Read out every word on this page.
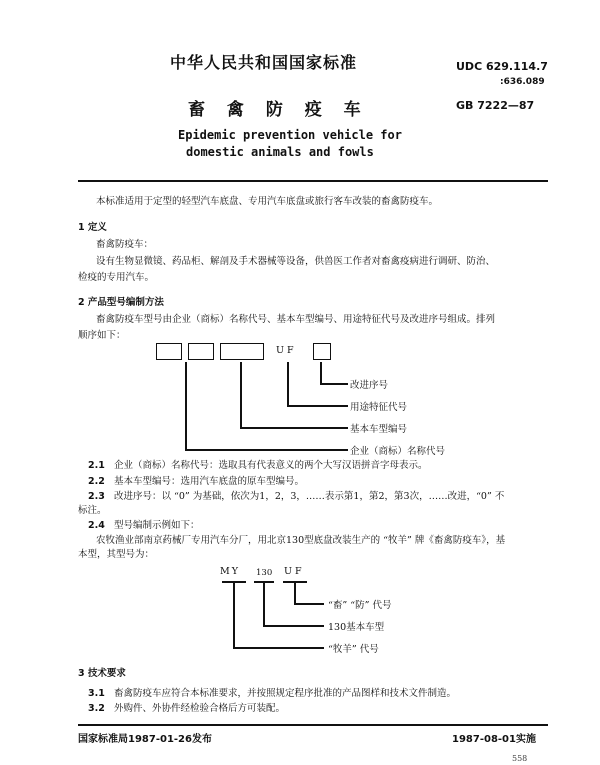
中华人民共和国国家标准
畜 禽 防 疫 车
Epidemic prevention vehicle for
domestic animals and fowls
UDC 629.114.7
:636.089
GB 7222—87
本标准适用于定型的轻型汽车底盘、专用汽车底盘或旅行客车改装的畜禽防疫车。
1 定义
畜禽防疫车：
设有生物显微镜、药品柜、解剖及手术器械等设备，供兽医工作者对畜禽疫病进行调研、防治、
检疫的专用汽车。
2 产品型号编制方法
畜禽防疫车型号由企业（商标）名称代号、基本车型编号、用途特征代号及改进序号组成。排列
顺序如下：
UF
改进序号
用途特征代号
基本车型编号
企业（商标）名称代号
2.1 企业（商标）名称代号：选取具有代表意义的两个大写汉语拼音字母表示。
2.2 基本车型编号：选用汽车底盘的原车型编号。
2.3 改进序号：以 “0” 为基础，依次为1，2，3，……表示第1，第2，第3次，……改进，“0” 不
标注。
2.4 型号编制示例如下：
农牧渔业部南京药械厂专用汽车分厂，用北京130型底盘改装生产的 “牧羊” 牌《畜禽防疫车》，基
本型，其型号为：
MY 130 UF
“畜” “防” 代号
130基本车型
“牧羊” 代号
3 技术要求
3.1 畜禽防疫车应符合本标准要求，并按照规定程序批准的产品图样和技术文件制造。
3.2 外购件、外协件经检验合格后方可装配。
国家标准局1987-01-26发布	1987-08-01实施
558
